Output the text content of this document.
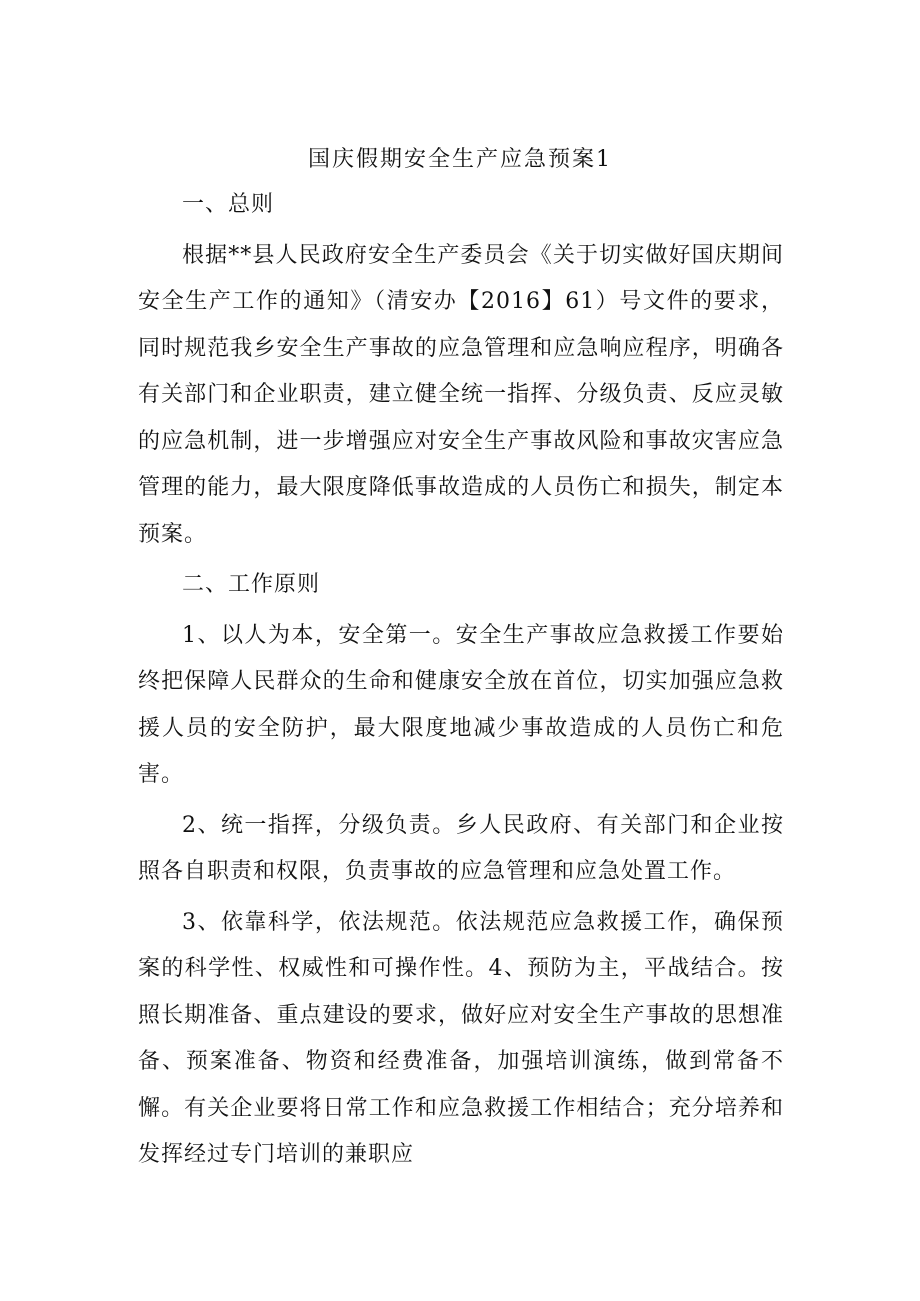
国庆假期安全生产应急预案1

一、总则

根据**县人民政府安全生产委员会《关于切实做好国庆期间安全生产工作的通知》（清安办【2016】61）号文件的要求，同时规范我乡安全生产事故的应急管理和应急响应程序，明确各有关部门和企业职责，建立健全统一指挥、分级负责、反应灵敏的应急机制，进一步增强应对安全生产事故风险和事故灾害应急管理的能力，最大限度降低事故造成的人员伤亡和损失，制定本预案。

二、工作原则

1、以人为本，安全第一。安全生产事故应急救援工作要始终把保障人民群众的生命和健康安全放在首位，切实加强应急救援人员的安全防护，最大限度地减少事故造成的人员伤亡和危害。

2、统一指挥，分级负责。乡人民政府、有关部门和企业按照各自职责和权限，负责事故的应急管理和应急处置工作。

3、依靠科学，依法规范。依法规范应急救援工作，确保预案的科学性、权威性和可操作性。4、预防为主，平战结合。按照长期准备、重点建设的要求，做好应对安全生产事故的思想准备、预案准备、物资和经费准备，加强培训演练，做到常备不懈。有关企业要将日常工作和应急救援工作相结合；充分培养和发挥经过专门培训的兼职应
